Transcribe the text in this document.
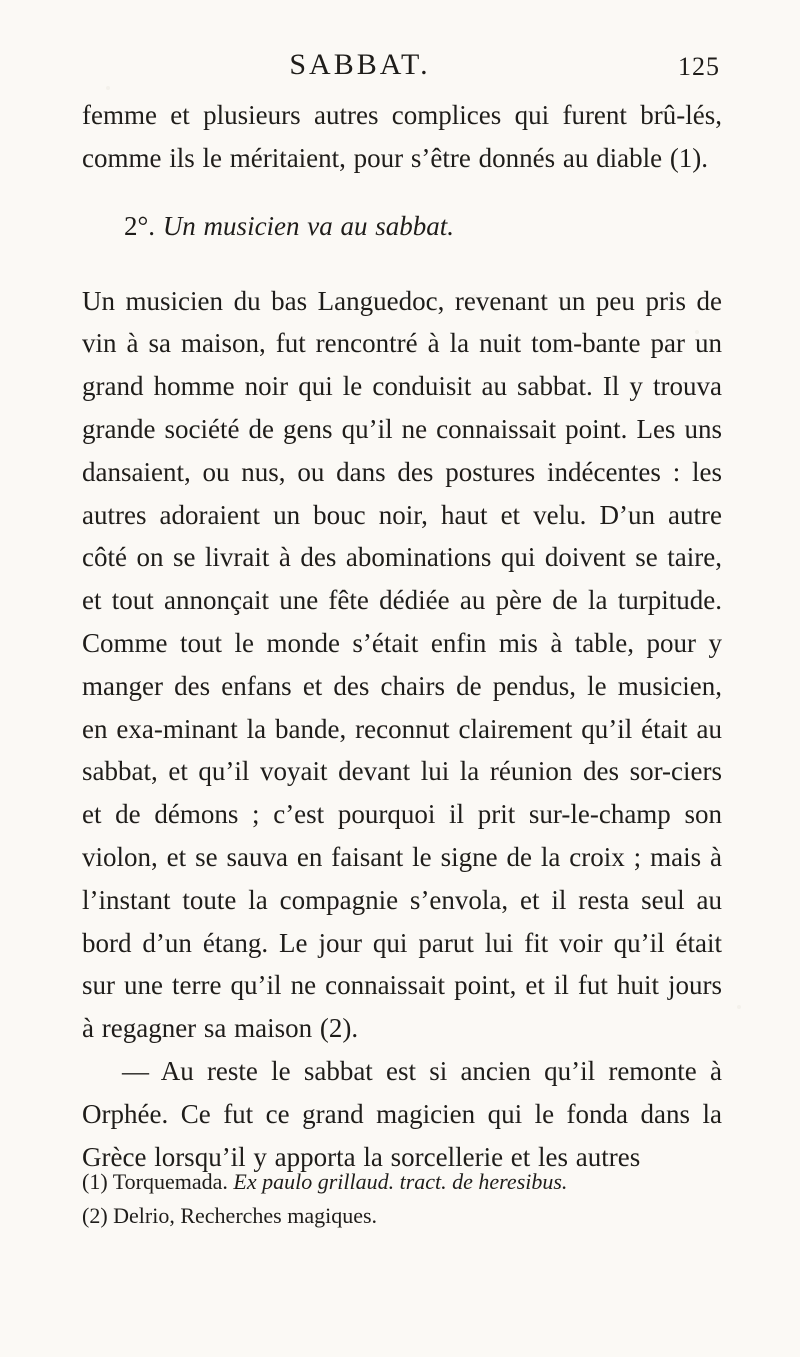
SABBAT.	125

femme et plusieurs autres complices qui furent brû-lés, comme ils le méritaient, pour s’être donnés au diable (1).

2°. Un musicien va au sabbat.

Un musicien du bas Languedoc, revenant un peu pris de vin à sa maison, fut rencontré à la nuit tom-bante par un grand homme noir qui le conduisit au sabbat. Il y trouva grande société de gens qu’il ne connaissait point. Les uns dansaient, ou nus, ou dans des postures indécentes : les autres adoraient un bouc noir, haut et velu. D’un autre côté on se livrait à des abominations qui doivent se taire, et tout annonçait une fête dédiée au père de la turpitude. Comme tout le monde s’était enfin mis à table, pour y manger des enfans et des chairs de pendus, le musicien, en exa-minant la bande, reconnut clairement qu’il était au sabbat, et qu’il voyait devant lui la réunion des sor-ciers et de démons ; c’est pourquoi il prit sur-le-champ son violon, et se sauva en faisant le signe de la croix ; mais à l’instant toute la compagnie s’envola, et il resta seul au bord d’un étang. Le jour qui parut lui fit voir qu’il était sur une terre qu’il ne connaissait point, et il fut huit jours à regagner sa maison (2).

— Au reste le sabbat est si ancien qu’il remonte à Orphée. Ce fut ce grand magicien qui le fonda dans la Grèce lorsqu’il y apporta la sorcellerie et les autres

(1) Torquemada. Ex paulo grillaud. tract. de heresibus.

(2) Delrio, Recherches magiques.
